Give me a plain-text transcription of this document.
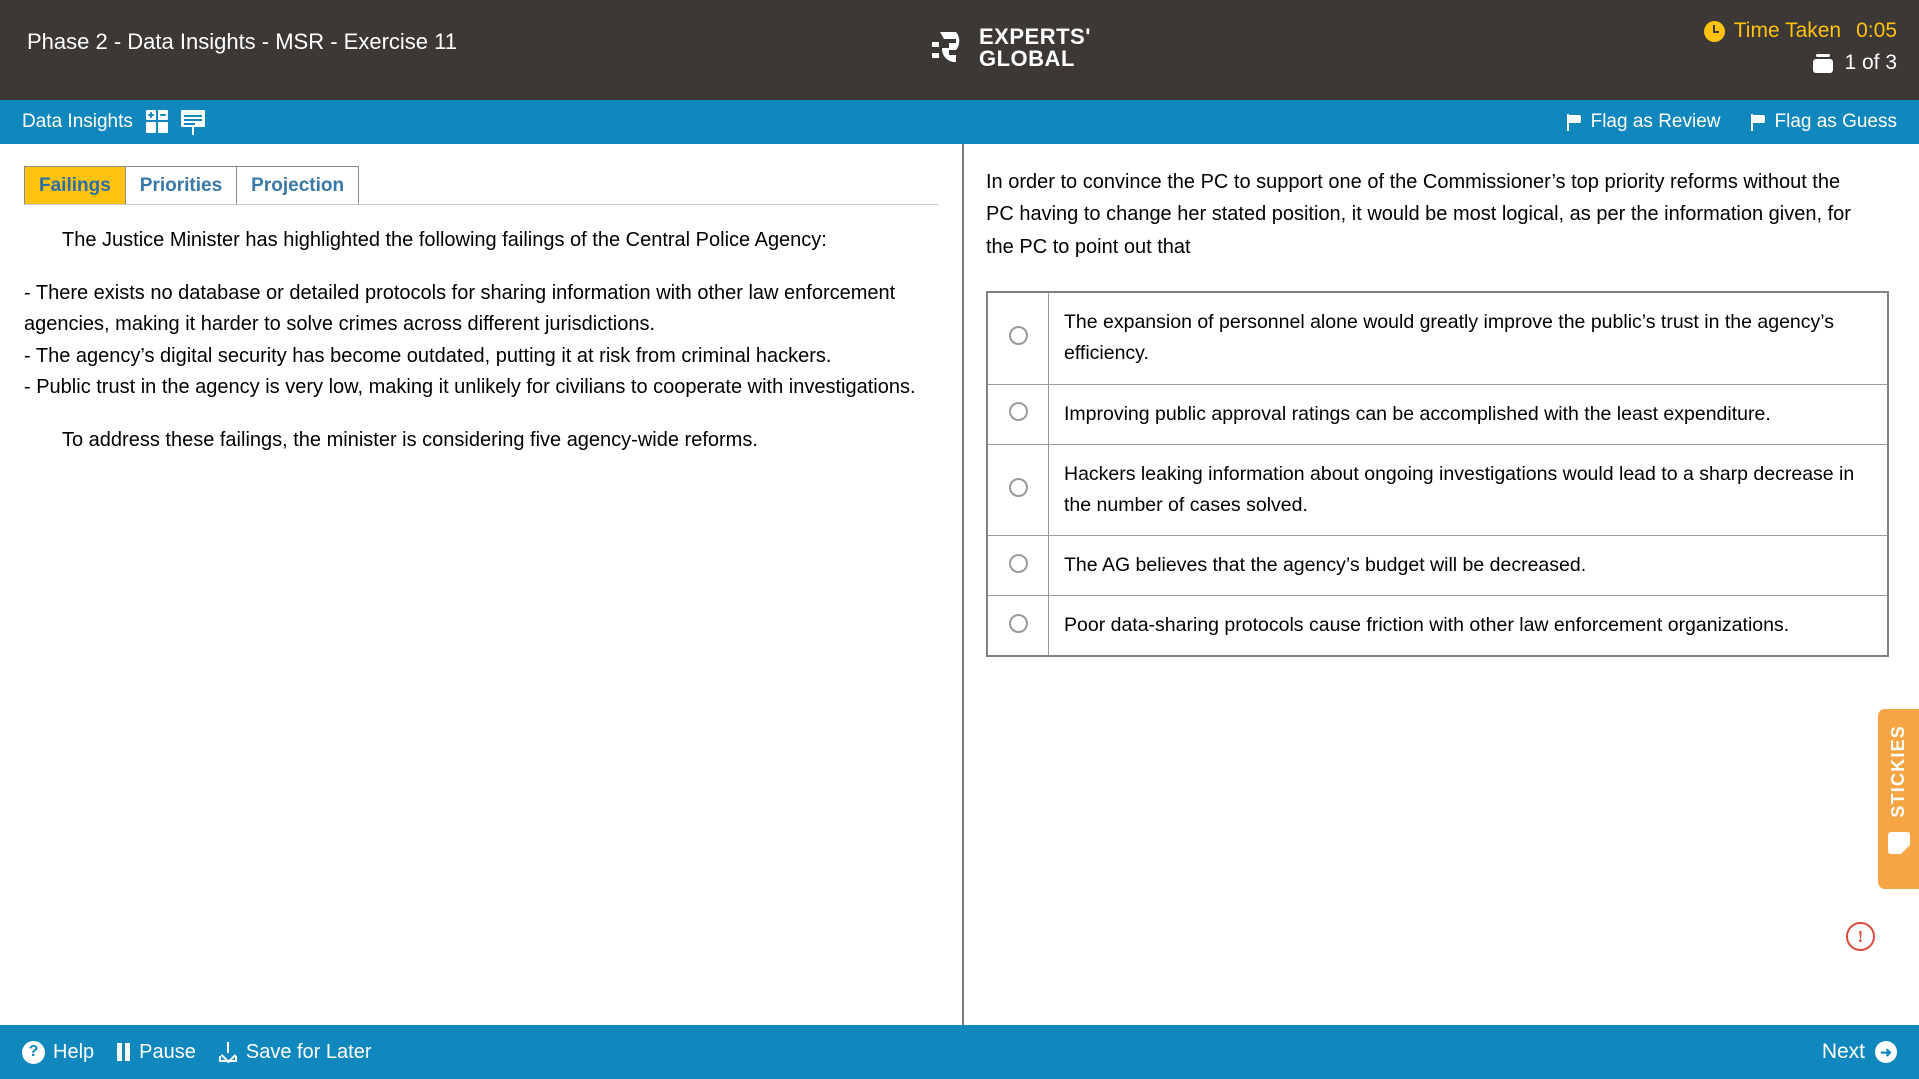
Phase 2 - Data Insights - MSR - Exercise 11	EXPERTS'
GLOBAL
Time Taken 0:05
1 of 3
Data Insights	Flag as Review	Flag as Guess
Failings	Priorities	Projection

The Justice Minister has highlighted the following failings of the Central Police Agency:

- There exists no database or detailed protocols for sharing information with other law enforcement agencies, making it harder to solve crimes across different jurisdictions.
- The agency’s digital security has become outdated, putting it at risk from criminal hackers.
- Public trust in the agency is very low, making it unlikely for civilians to cooperate with investigations.

To address these failings, the minister is considering five agency-wide reforms.

In order to convince the PC to support one of the Commissioner’s top priority reforms without the PC having to change her stated position, it would be most logical, as per the information given, for the PC to point out that
	The expansion of personnel alone would greatly improve the public’s trust in the agency’s efficiency.
	Improving public approval ratings can be accomplished with the least expenditure.
	Hackers leaking information about ongoing investigations would lead to a sharp decrease in the number of cases solved.
	The AG believes that the agency’s budget will be decreased.
	Poor data-sharing protocols cause friction with other law enforcement organizations.
!
STICKIES
? Help Pause	Save for Later	Next	➜
